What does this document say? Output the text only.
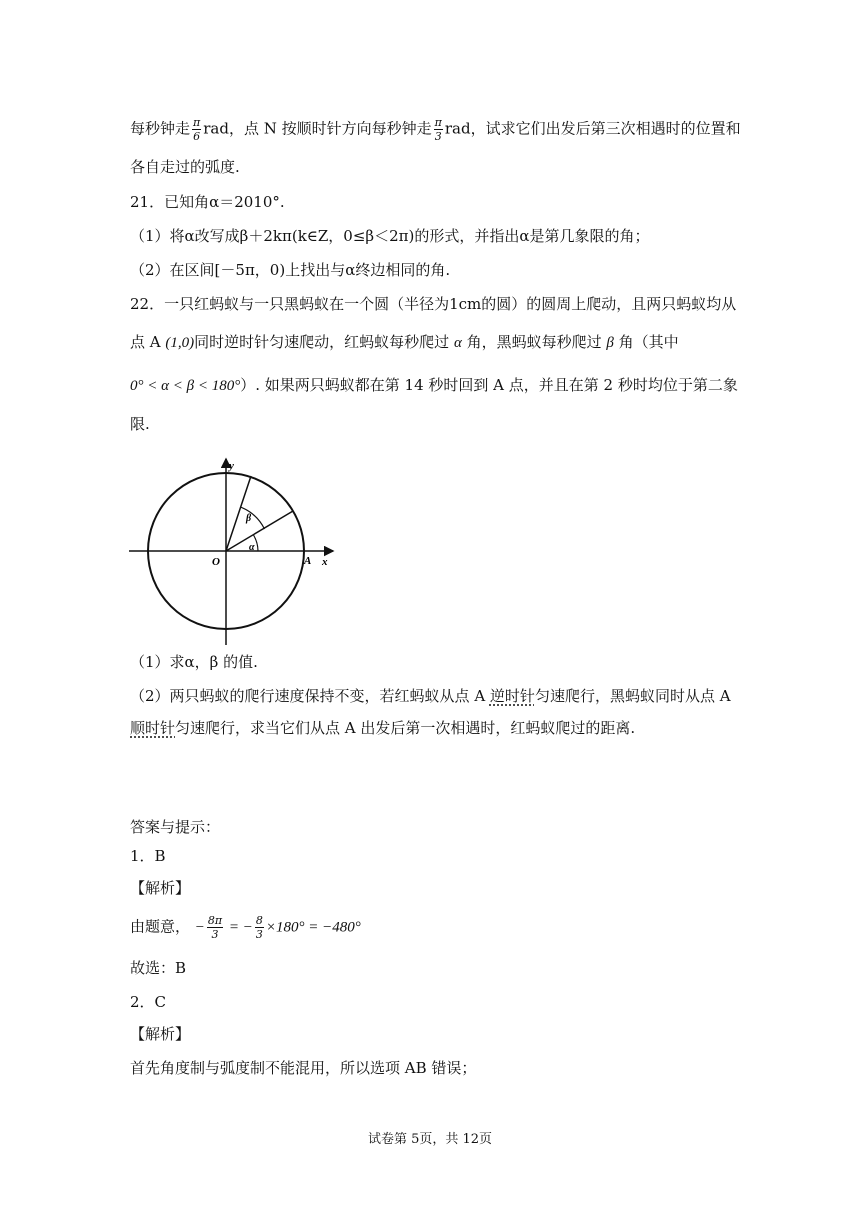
每秒钟走 $\frac{\pi}{6}$ rad，点 N 按顺时针方向每秒钟走 $\frac{\pi}{3}$ rad，试求它们出发后第三次相遇时的位置和
各自走过的弧度.
21．已知角α＝2010°.
（1）将α改写成β＋2kπ(k∈Z，0≤β＜2π)的形式，并指出α是第几象限的角；
（2）在区间[－5π，0)上找出与α终边相同的角.
22．一只红蚂蚁与一只黑蚂蚁在一个圆（半径为1cm的圆）的圆周上爬动，且两只蚂蚁均从
点 A (1,0)同时逆时针匀速爬动，红蚂蚁每秒爬过 α 角，黑蚂蚁每秒爬过 β 角（其中
0° < α < β < 180°）. 如果两只蚂蚁都在第 14 秒时回到 A 点，并且在第 2 秒时均位于第二象
限.
y
x
O	A
α
β
（1）求α，β 的值.
（2）两只蚂蚁的爬行速度保持不变，若红蚂蚁从点 A 逆时针匀速爬行，黑蚂蚁同时从点 A
顺时针匀速爬行，求当它们从点 A 出发后第一次相遇时，红蚂蚁爬过的距离.
答案与提示：
1．B
【解析】
由题意， − $\frac{8\pi}{3}$ = − $\frac{8}{3} \times 180^\circ = -480^\circ$
故选：B
2．C
【解析】
首先角度制与弧度制不能混用，所以选项 AB 错误；
试卷第 5页，共 12页
